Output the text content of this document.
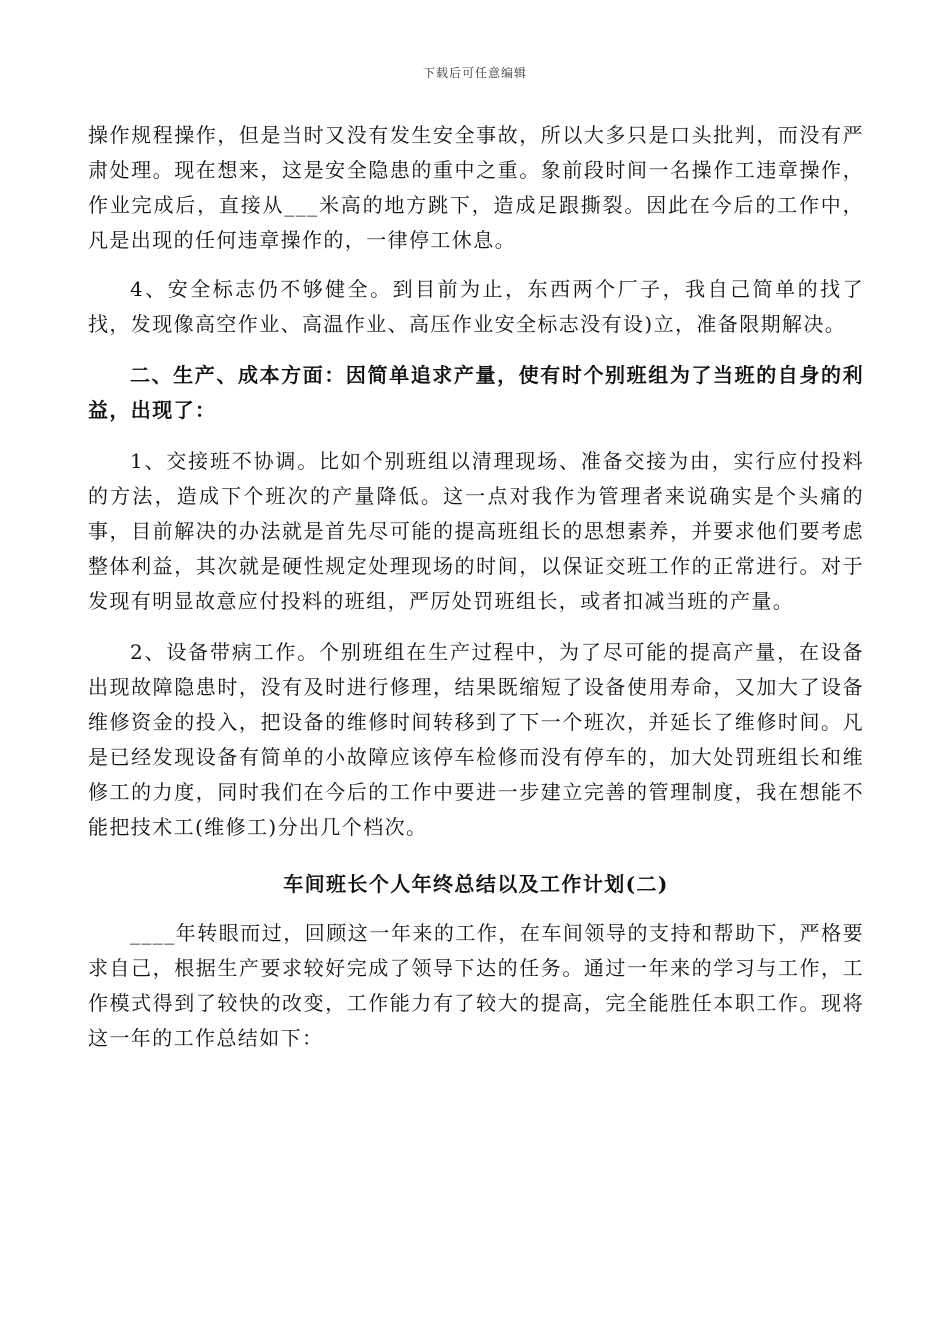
下载后可任意编辑

操作规程操作，但是当时又没有发生安全事故，所以大多只是口头批判，而没有严肃处理。现在想来，这是安全隐患的重中之重。象前段时间一名操作工违章操作，作业完成后，直接从___米高的地方跳下，造成足跟撕裂。因此在今后的工作中，凡是出现的任何违章操作的，一律停工休息。

4、安全标志仍不够健全。到目前为止，东西两个厂子，我自己简单的找了找，发现像高空作业、高温作业、高压作业安全标志没有设)立，准备限期解决。

二、生产、成本方面：因简单追求产量，使有时个别班组为了当班的自身的利益，出现了：

1、交接班不协调。比如个别班组以清理现场、准备交接为由，实行应付投料的方法，造成下个班次的产量降低。这一点对我作为管理者来说确实是个头痛的事，目前解决的办法就是首先尽可能的提高班组长的思想素养，并要求他们要考虑整体利益，其次就是硬性规定处理现场的时间，以保证交班工作的正常进行。对于发现有明显故意应付投料的班组，严厉处罚班组长，或者扣减当班的产量。

2、设备带病工作。个别班组在生产过程中，为了尽可能的提高产量，在设备出现故障隐患时，没有及时进行修理，结果既缩短了设备使用寿命，又加大了设备维修资金的投入，把设备的维修时间转移到了下一个班次，并延长了维修时间。凡是已经发现设备有简单的小故障应该停车检修而没有停车的，加大处罚班组长和维修工的力度，同时我们在今后的工作中要进一步建立完善的管理制度，我在想能不能把技术工(维修工)分出几个档次。

车间班长个人年终总结以及工作计划(二)

____年转眼而过，回顾这一年来的工作，在车间领导的支持和帮助下，严格要求自己，根据生产要求较好完成了领导下达的任务。通过一年来的学习与工作，工作模式得到了较快的改变，工作能力有了较大的提高，完全能胜任本职工作。现将这一年的工作总结如下：
